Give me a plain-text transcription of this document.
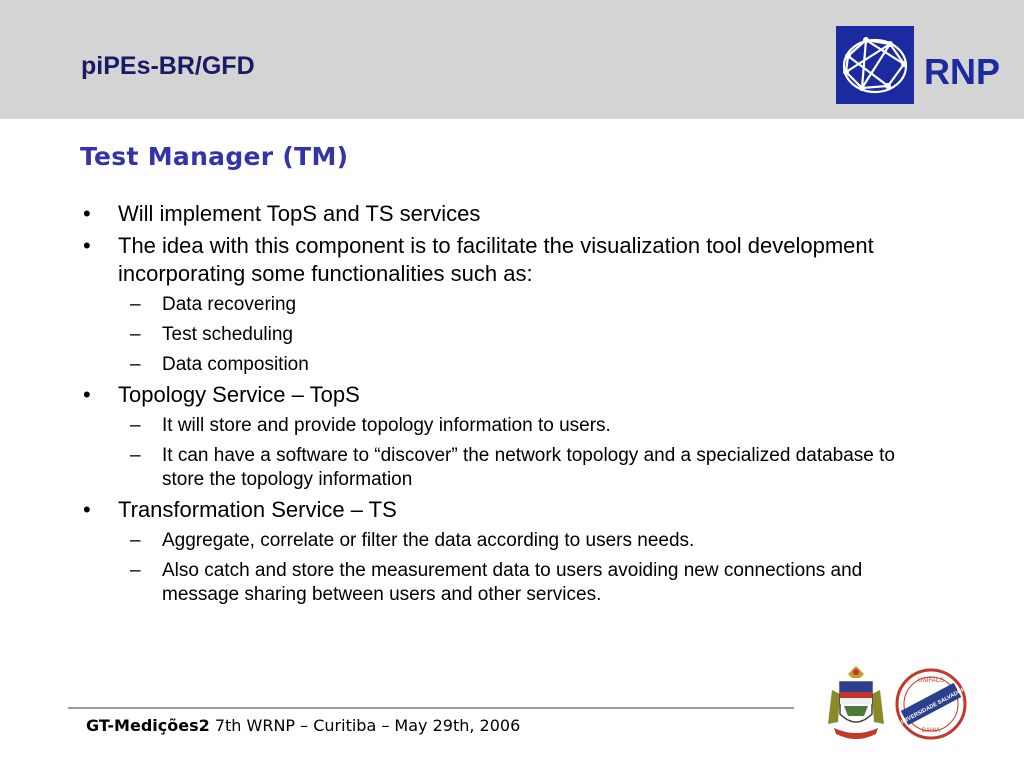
piPEs-BR/GFD	RNP
Test Manager (TM)
• Will implement TopS and TS services
• The idea with this component is to facilitate the visualization tool development incorporating some functionalities such as:
– Data recovering
– Test scheduling
– Data composition
• Topology Service – TopS
– It will store and provide topology information to users.
– It can have a software to “discover” the network topology and a specialized database to store the topology information
• Transformation Service – TS
– Aggregate, correlate or filter the data according to users needs.
– Also catch and store the measurement data to users avoiding new connections and message sharing between users and other services.
GT-Medições2 7th WRNP – Curitiba – May 29th, 2006
UNIFACS
UNIVERSIDADE SALVADOR
BAHIA
